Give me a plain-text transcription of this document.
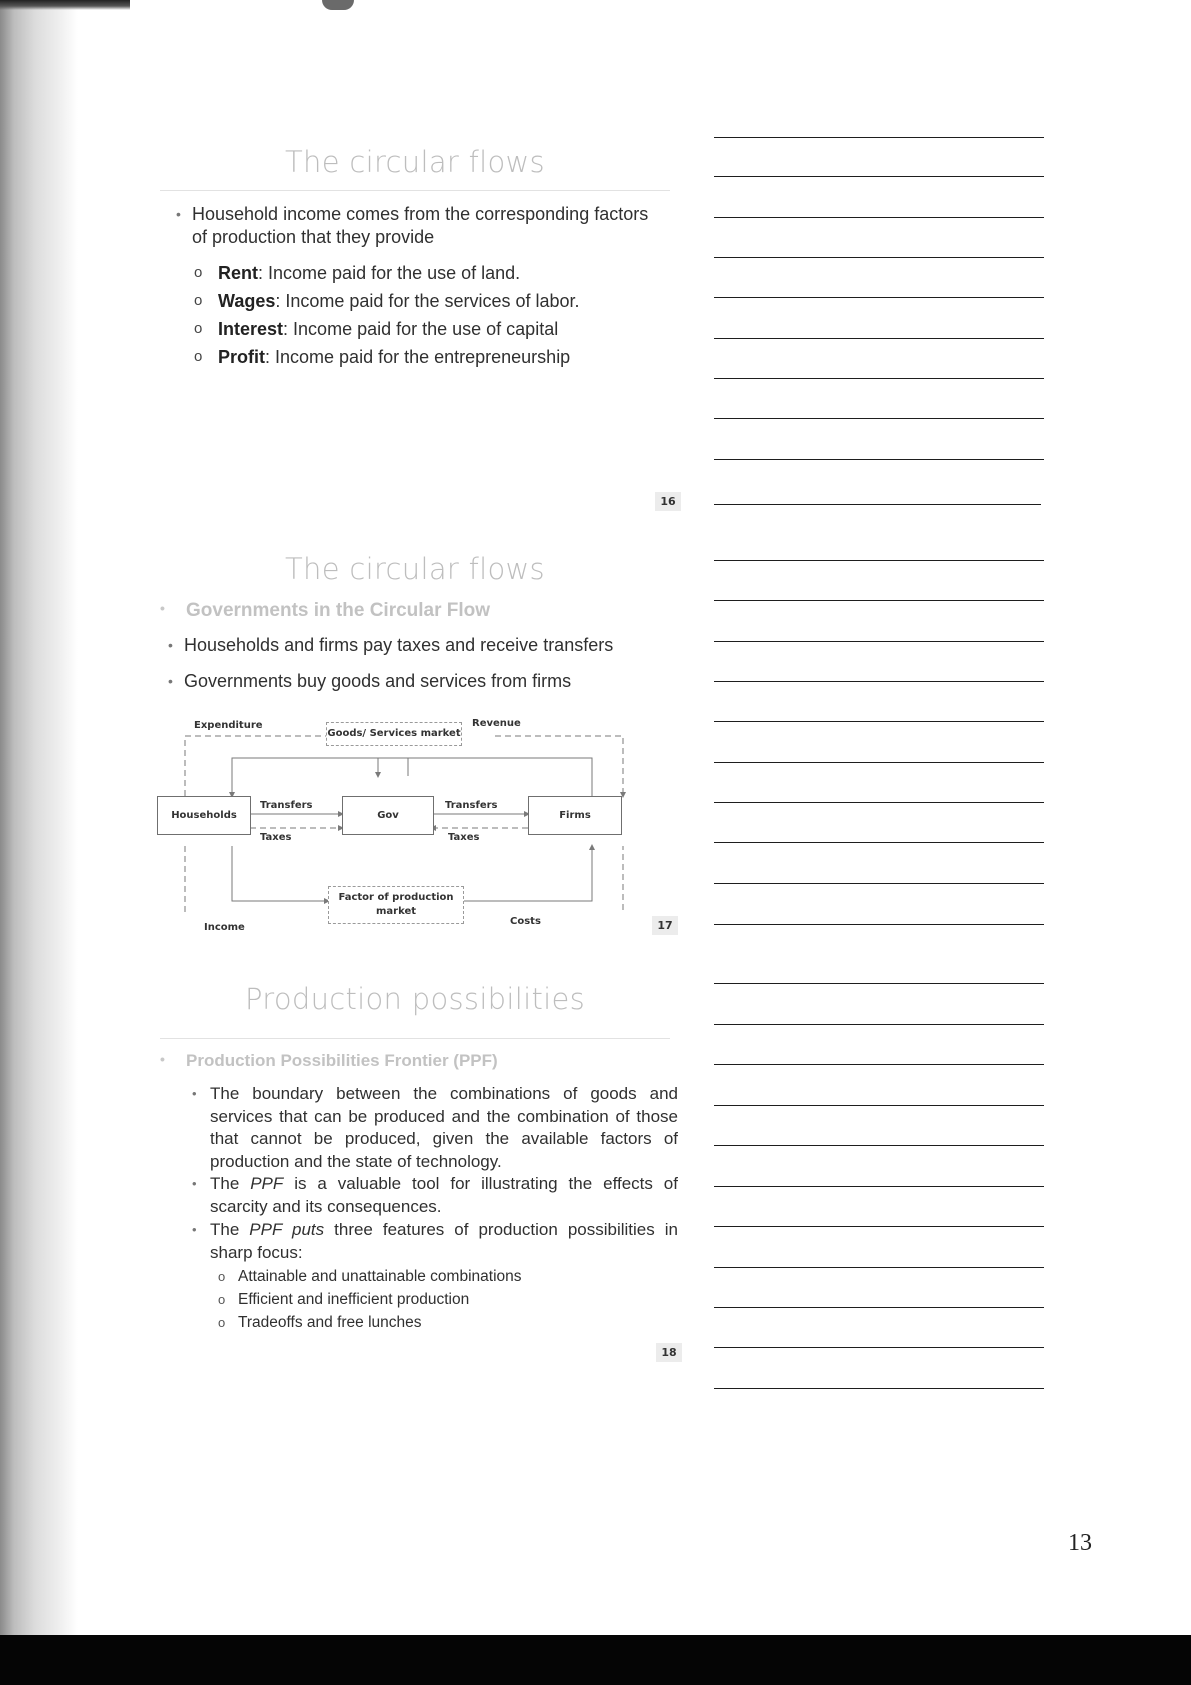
The circular flows
• Household income comes from the corresponding factors of production that they provide
o Rent: Income paid for the use of land.
o Wages: Income paid for the services of labor.
o Interest: Income paid for the use of capital
o Profit: Income paid for the entrepreneurship
16
The circular flows
• Governments in the Circular Flow
• Households and firms pay taxes and receive transfers
• Governments buy goods and services from firms
Households	Gov	Firms
Goods/ Services market
Factor of production market
Expenditure	Revenue
Transfers	Transfers
Taxes	Taxes
Income
Costs	17
Production possibilities
• Production Possibilities Frontier (PPF)
• The boundary between the combinations of goods and services that can be produced and the combination of those that cannot be produced, given the available factors of production and the state of technology.
• The PPF is a valuable tool for illustrating the effects of scarcity and its consequences.
• The PPF puts three features of production possibilities in sharp focus:
o Attainable and unattainable combinations
o Efficient and inefficient production
o Tradeoffs and free lunches
18
13
